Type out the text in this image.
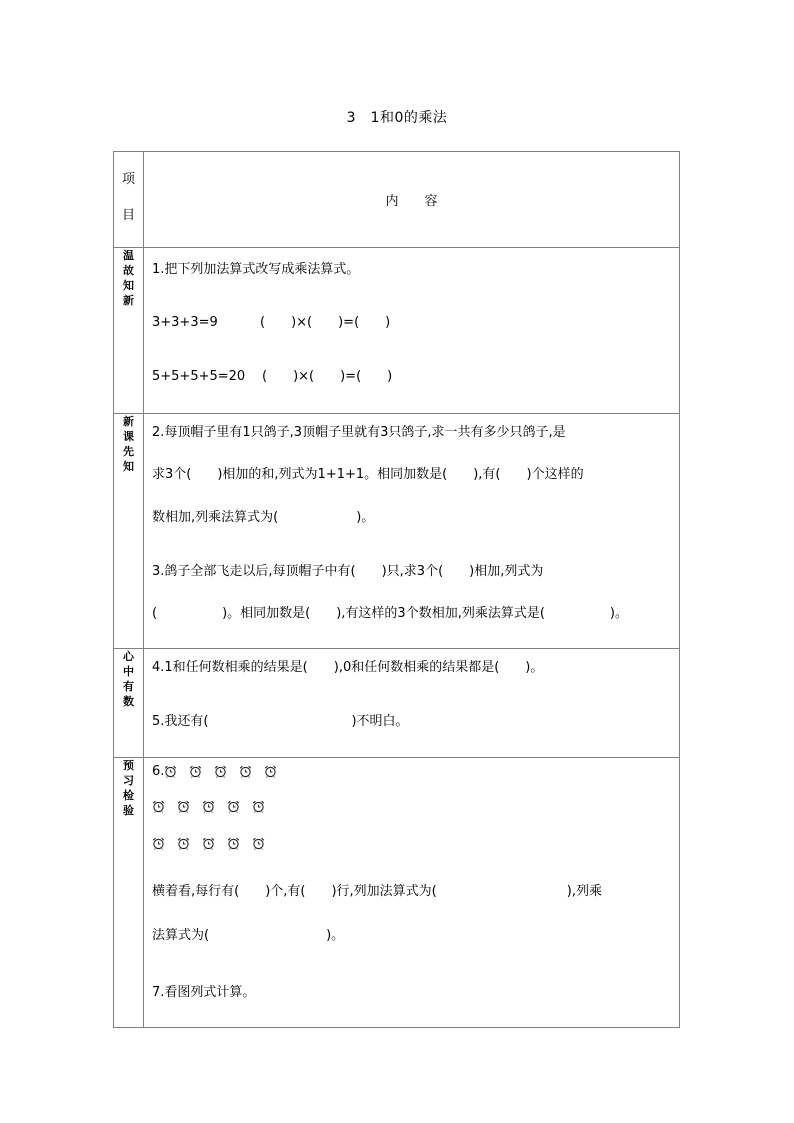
3　1和0的乘法
项
目	内　　容
温故知新	1.把下列加法算式改写成乘法算式。
3+3+3=9 (　　)×(　　)=(　　)
5+5+5+5=20 (　　)×(　　)=(　　)

新课先知	2.每顶帽子里有1只鸽子,3顶帽子里就有3只鸽子,求一共有多少只鸽子,是
求3个(　　)相加的和,列式为1+1+1。相同加数是(　　),有(　　)个这样的
数相加,列乘法算式为(　　　　　　)。
3.鸽子全部飞走以后,每顶帽子中有(　　)只,求3个(　　)相加,列式为
(　　　　　)。相同加数是(　　),有这样的3个数相加,列乘法算式是(　　　　　)。

心中有数	4.1和任何数相乘的结果是(　　),0和任何数相乘的结果都是(　　)。
5.我还有(　　　　　　　　　　　)不明白。

预习检验	6.
横着看,每行有(　　)个,有(　　)行,列加法算式为(　　　　　　　　　　),列乘
法算式为(　　　　　　　　　)。
7.看图列式计算。
